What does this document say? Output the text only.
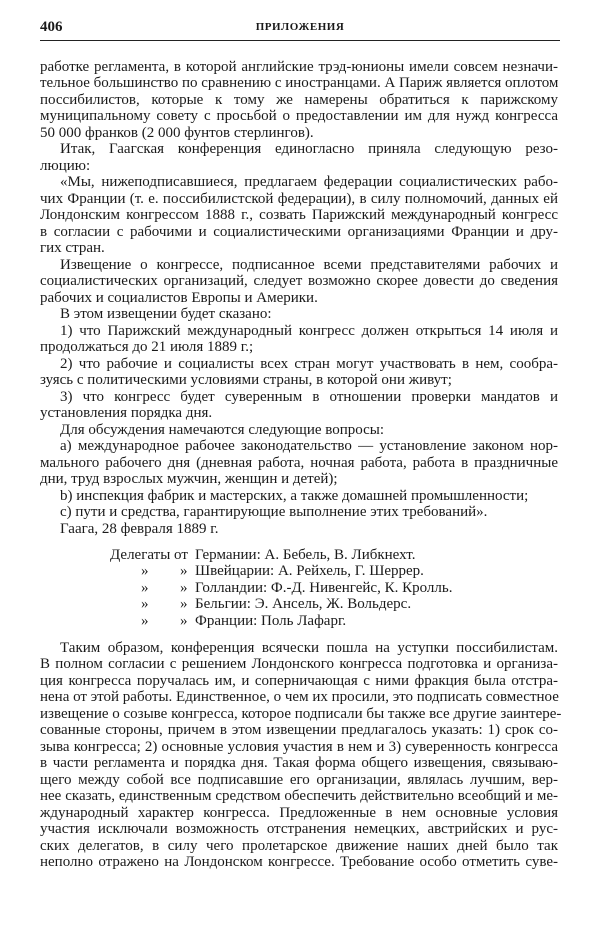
406	ПРИЛОЖЕНИЯ
работке регламента, в которой английские трэд-юнионы имели совсем незначи-
тельное большинство по сравнению с иностранцами. А Париж является оплотом
поссибилистов, которые к тому же намерены обратиться к парижскому
муниципальному совету с просьбой о предоставлении им для нужд конгресса
50 000 франков (2 000 фунтов стерлингов).
Итак, Гаагская конференция единогласно приняла следующую резо-
люцию:
«Мы, нижеподписавшиеся, предлагаем федерации социалистических рабо-
чих Франции (т. е. поссибилистской федерации), в силу полномочий, данных ей
Лондонским конгрессом 1888 г., созвать Парижский международный конгресс
в согласии с рабочими и социалистическими организациями Франции и дру-
гих стран.
Извещение о конгрессе, подписанное всеми представителями рабочих и
социалистических организаций, следует возможно скорее довести до сведения
рабочих и социалистов Европы и Америки.
В этом извещении будет сказано:
1) что Парижский международный конгресс должен открыться 14 июля и
продолжаться до 21 июля 1889 г.;
2) что рабочие и социалисты всех стран могут участвовать в нем, сообра-
зуясь с политическими условиями страны, в которой они живут;
3) что конгресс будет суверенным в отношении проверки мандатов и
установления порядка дня.
Для обсуждения намечаются следующие вопросы:
а) международное рабочее законодательство — установление законом нор-
мального рабочего дня (дневная работа, ночная работа, работа в праздничные
дни, труд взрослых мужчин, женщин и детей);
b) инспекция фабрик и мастерских, а также домашней промышленности;
c) пути и средства, гарантирующие выполнение этих требований».
Гаага, 28 февраля 1889 г.
Делегаты от Германии: А. Бебель, В. Либкнехт.
» » Швейцарии: А. Рейхель, Г. Шеррер.
» » Голландии: Ф.-Д. Нивенгейс, К. Кролль.
» » Бельгии: Э. Ансель, Ж. Вольдерс.
» » Франции: Поль Лафарг.
Таким образом, конференция всячески пошла на уступки поссибилистам.
В полном согласии с решением Лондонского конгресса подготовка и организа-
ция конгресса поручалась им, и соперничающая с ними фракция была отстра-
нена от этой работы. Единственное, о чем их просили, это подписать совместное
извещение о созыве конгресса, которое подписали бы также все другие заинтере-
сованные стороны, причем в этом извещении предлагалось указать: 1) срок со-
зыва конгресса; 2) основные условия участия в нем и 3) суверенность конгресса
в части регламента и порядка дня. Такая форма общего извещения, связываю-
щего между собой все подписавшие его организации, являлась лучшим, вер-
нее сказать, единственным средством обеспечить действительно всеобщий и ме-
ждународный характер конгресса. Предложенные в нем основные условия
участия исключали возможность отстранения немецких, австрийских и рус-
ских делегатов, в силу чего пролетарское движение наших дней было так
неполно отражено на Лондонском конгрессе. Требование особо отметить суве-
